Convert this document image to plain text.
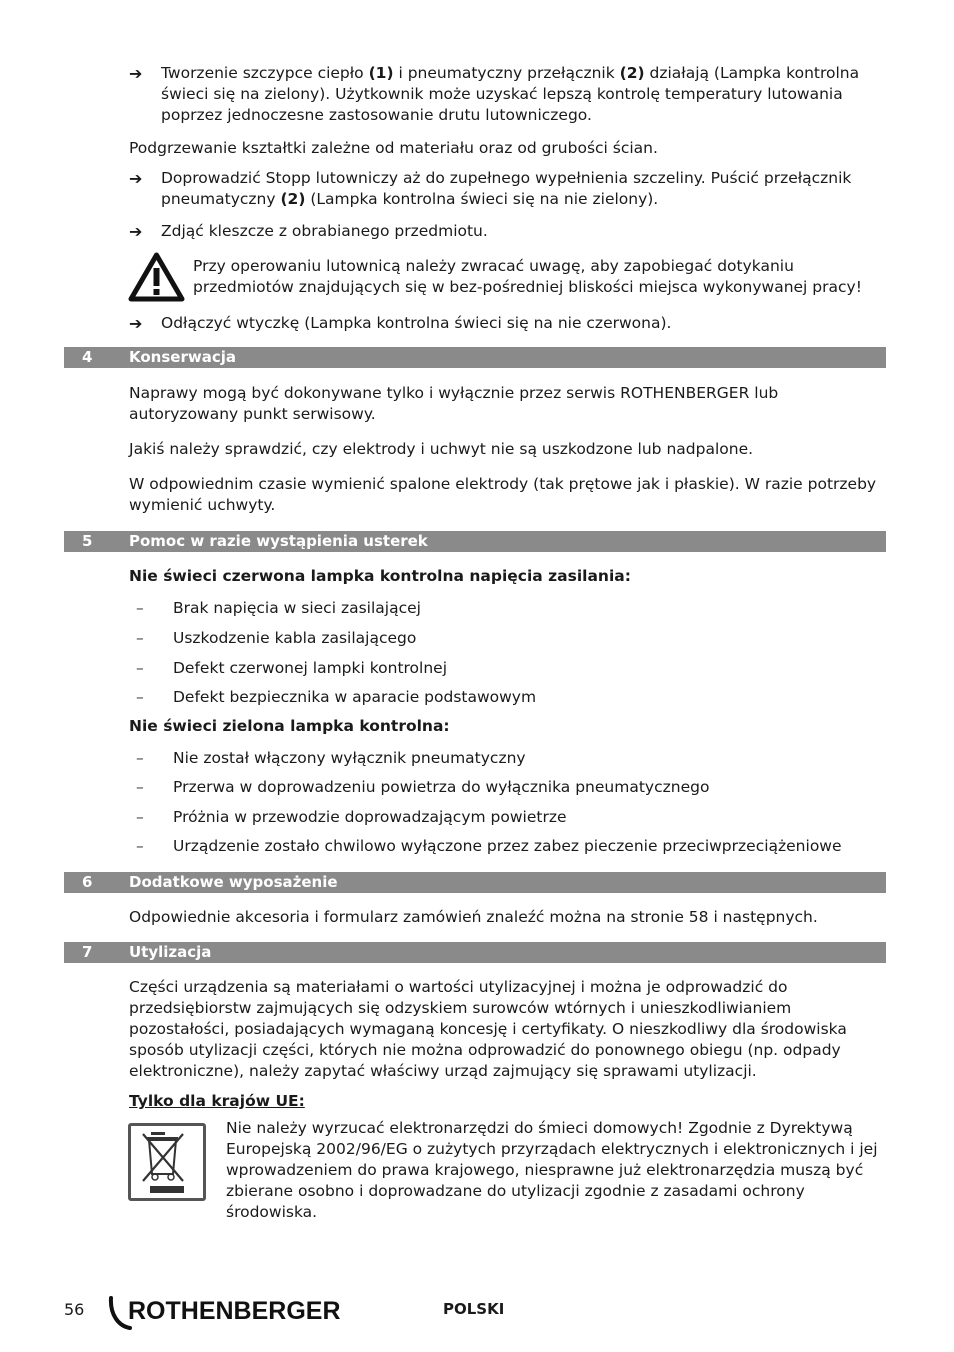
➔	Tworzenie szczypce ciepło (1) i pneumatyczny przełącznik (2) działają (Lampka kontrolna świeci się na zielony). Użytkownik może uzyskać lepszą kontrolę temperatury lutowania poprzez jednoczesne zastosowanie drutu lutowniczego.

Podgrzewanie kształtki zależne od materiału oraz od grubości ścian.

➔	Doprowadzić Stopp lutowniczy aż do zupełnego wypełnienia szczeliny. Puścić przełącznik pneumatyczny (2) (Lampka kontrolna świeci się na nie zielony).

➔	Zdjąć kleszcze z obrabianego przedmiotu.

Przy operowaniu lutownicą należy zwracać uwagę, aby zapobiegać dotykaniu przedmiotów znajdujących się w bez-pośredniej bliskości miejsca wykonywanej pracy!

➔	Odłączyć wtyczkę (Lampka kontrolna świeci się na nie czerwona).

4 Konserwacja

Naprawy mogą być dokonywane tylko i wyłącznie przez serwis ROTHENBERGER lub autoryzowany punkt serwisowy.

Jakiś należy sprawdzić, czy elektrody i uchwyt nie są uszkodzone lub nadpalone.

W odpowiednim czasie wymienić spalone elektrody (tak prętowe jak i płaskie). W razie potrzeby wymienić uchwyty.

5 Pomoc w razie wystąpienia usterek

Nie świeci czerwona lampka kontrolna napięcia zasilania:

– Brak napięcia w sieci zasilającej

– Uszkodzenie kabla zasilającego

– Defekt czerwonej lampki kontrolnej

– Defekt bezpiecznika w aparacie podstawowym

Nie świeci zielona lampka kontrolna:

– Nie został włączony wyłącznik pneumatyczny

– Przerwa w doprowadzeniu powietrza do wyłącznika pneumatycznego

– Próżnia w przewodzie doprowadzającym powietrze

– Urządzenie zostało chwilowo wyłączone przez zabez pieczenie przeciwprzeciążeniowe

6 Dodatkowe wyposażenie

Odpowiednie akcesoria i formularz zamówień znaleźć można na stronie 58 i następnych.

7 Utylizacja

Części urządzenia są materiałami o wartości utylizacyjnej i można je odprowadzić do przedsiębiorstw zajmujących się odzyskiem surowców wtórnych i unieszkodliwianiem pozostałości, posiadających wymaganą koncesję i certyfikaty. O nieszkodliwy dla środowiska sposób utylizacji części, których nie można odprowadzić do ponownego obiegu (np. odpady elektroniczne), należy zapytać właściwy urząd zajmujący się sprawami utylizacji.

Tylko dla krajów UE:

Nie należy wyrzucać elektronarzędzi do śmieci domowych! Zgodnie z Dyrektywą Europejską 2002/96/EG o zużytych przyrządach elektrycznych i elektronicznych i jej wprowadzeniem do prawa krajowego, niesprawne już elektronarzędzia muszą być zbierane osobno i doprowadzane do utylizacji zgodnie z zasadami ochrony środowiska.

56 ROTHENBERGER	POLSKI
